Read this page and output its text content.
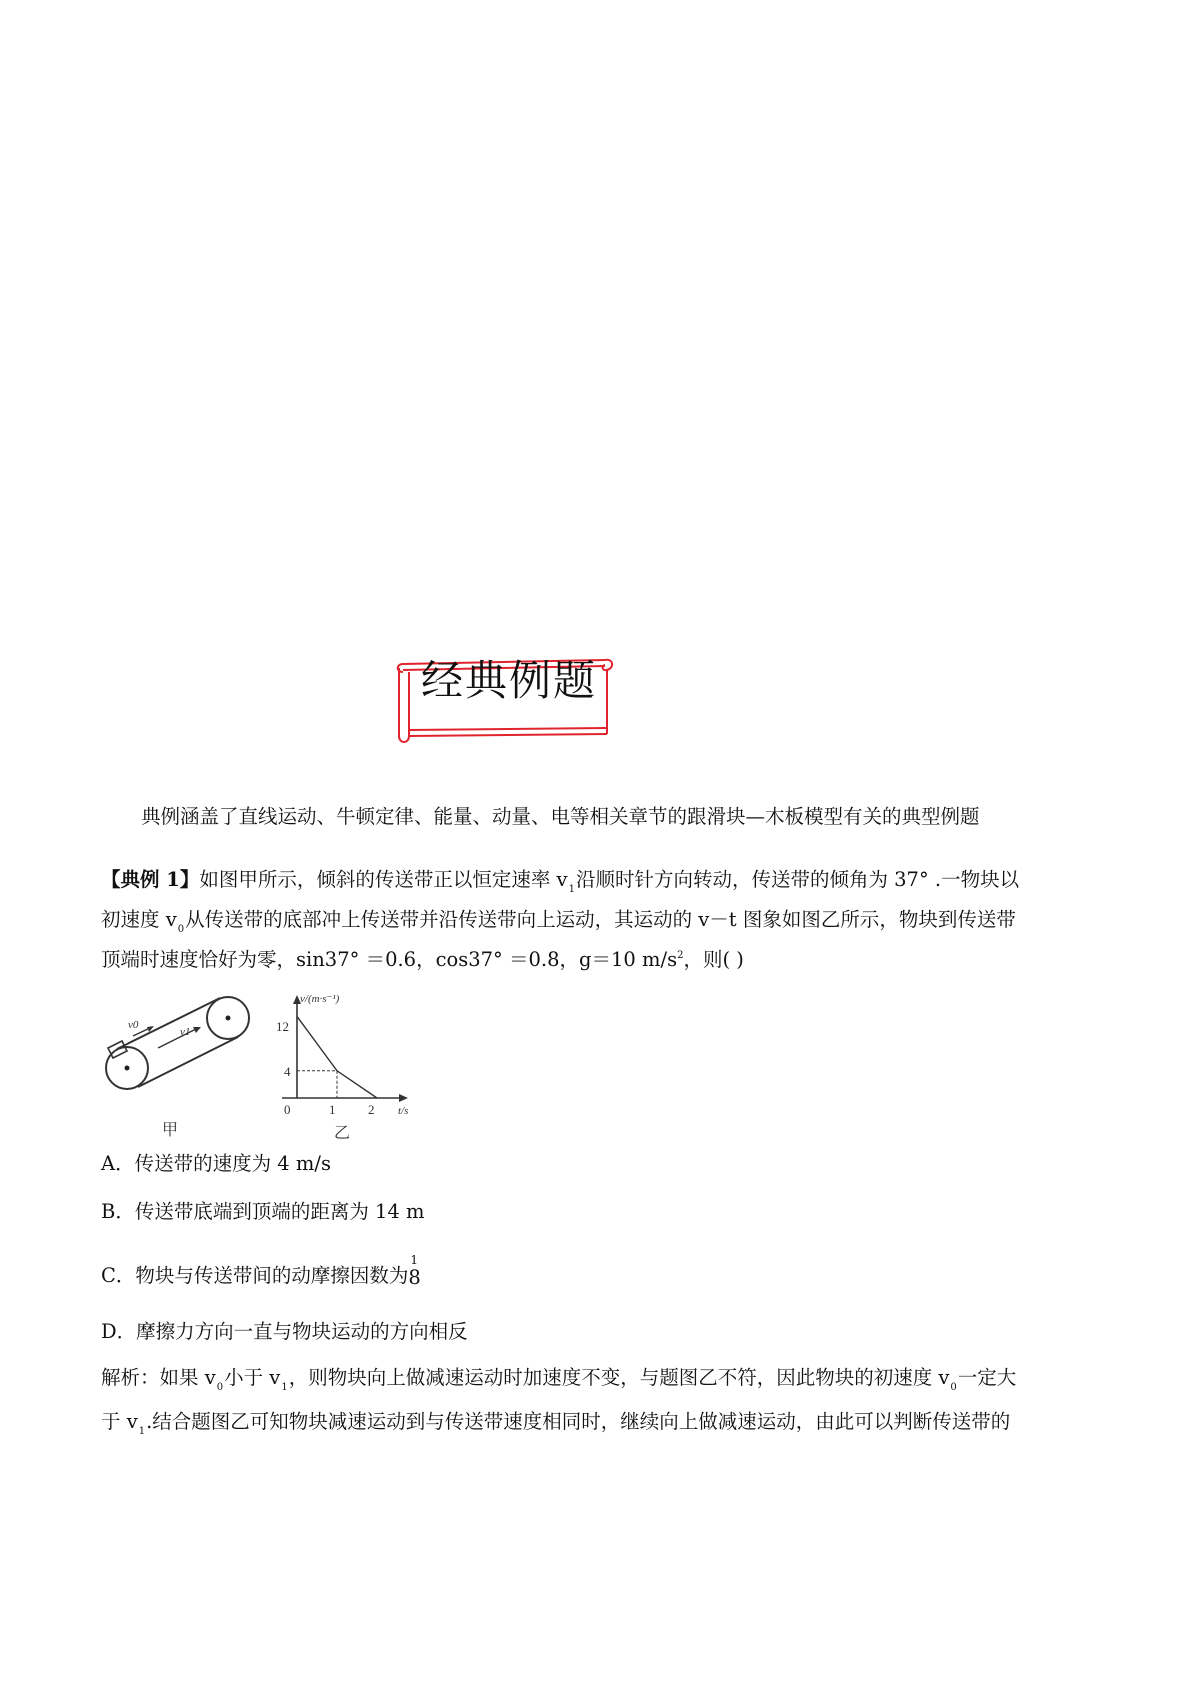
经典例题
典例涵盖了直线运动、牛顿定律、能量、动量、电等相关章节的跟滑块—木板模型有关的典型例题
【典例 1】如图甲所示，倾斜的传送带正以恒定速率 $v_1$沿顺时针方向转动，传送带的倾角为 37° .一物块以
初速度 $v_0$从传送带的底部冲上传送带并沿传送带向上运动，其运动的 v－t 图象如图乙所示，物块到传送带
顶端时速度恰好为零，sin37° ＝0.6，cos37° ＝0.8，g＝10 $m/s^2$，则( )
v0
v1
甲
v/(m·s⁻¹)
t/s
0
12
4
1	2
乙
A．传送带的速度为 4 m/s
B．传送带底端到顶端的距离为 14 m
C．物块与传送带间的动摩擦因数为
1
8
D．摩擦力方向一直与物块运动的方向相反
解析：如果 $v_0$小于 $v_1$，则物块向上做减速运动时加速度不变，与题图乙不符，因此物块的初速度 $v_0$一定大
于 $v_1$.结合题图乙可知物块减速运动到与传送带速度相同时，继续向上做减速运动，由此可以判断传送带的
